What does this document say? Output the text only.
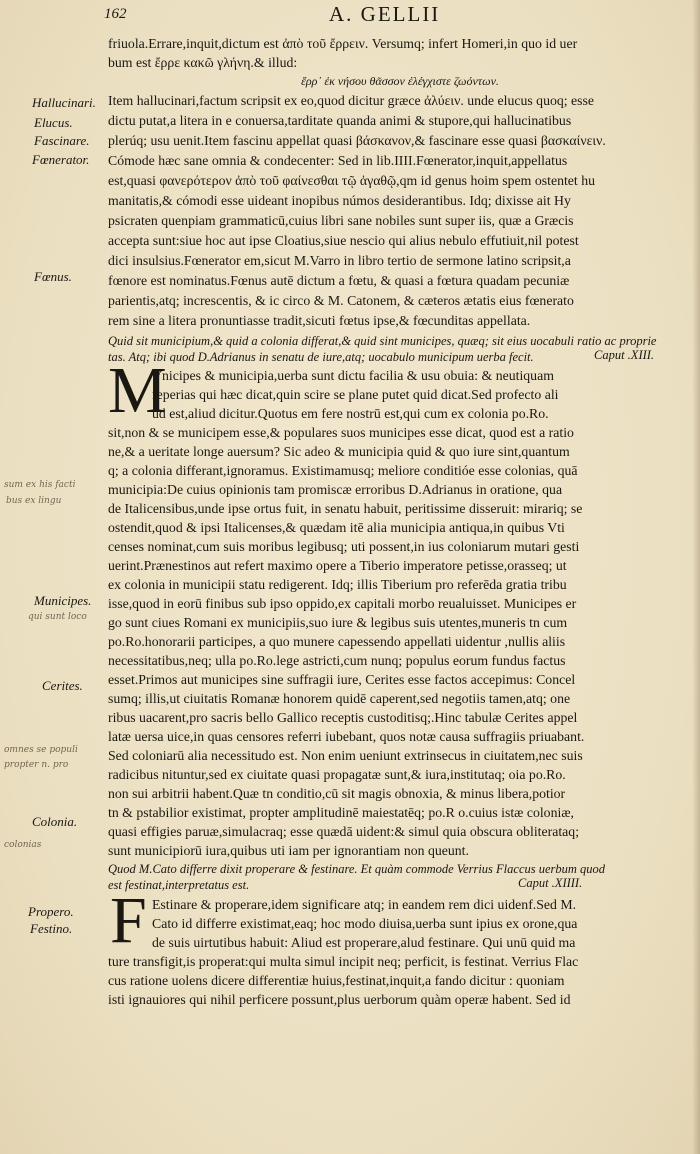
162	A. GELLII
Hallucinari.
Elucus.
Fascinare.
Fœnerator.
Fœnus.
sum ex his facti
bus ex lingu
Municipes.
qui sunt loco
Cerites.
omnes se populi
propter n. pro
Colonia.
colonias
Propero.
Festino.
friuola.Errare,inquit,dictum est ἀπὸ τοῦ ἔρρειν. Versumq; infert Homeri,in quo id uer
bum est ἔρρε κακῶ γλήνη.& illud:
ἔρρ᾽ ἐκ νήσου θᾶσσον ἐλέγχιστε ζωόντων.
Item hallucinari,factum scripsit ex eo,quod dicitur græce ἀλύειν. unde elucus quoq; esse
dictu putat,a litera in e conuersa,tarditate quanda animi & stupore,qui hallucinatibus
plerúq; usu uenit.Item fascinu appellat quasi βάσκανον,& fascinare esse quasi βασκαίνειν.
Cómode hæc sane omnia & condecenter: Sed in lib.IIII.Fœnerator,inquit,appellatus
est,quasi φανερότερον ἀπὸ τοῦ φαίνεσθαι τῷ ἀγαθῷ,qm id genus hoim spem ostentet hu
manitatis,& cómodi esse uideant inopibus númos desiderantibus. Idq; dixisse ait Hy
psicraten quenpiam grammaticū,cuius libri sane nobiles sunt super iis, quæ a Græcis
accepta sunt:siue hoc aut ipse Cloatius,siue nescio qui alius nebulo effutiuit,nil potest
dici insulsius.Fœnerator em,sicut M.Varro in libro tertio de sermone latino scripsit,a
fœnore est nominatus.Fœnus autē dictum a fœtu, & quasi a fœtura quadam pecuniæ
parientis,atq; increscentis, & ic circo & M. Catonem, & cæteros ætatis eius fœnerato
rem sine a litera pronuntiasse tradit,sicuti fœtus ipse,& fœcunditas appellata.
Quid sit municipium,& quid a colonia differat,& quid sint municipes, quæq; sit eius uocabuli ratio ac proprie
tas. Atq; ibi quod D.Adrianus in senatu de iure,atq; uocabulo municipum uerba fecit.	Caput .XIII.
M
Vnicipes & municipia,uerba sunt dictu facilia & usu obuia: & neutiquam
reperias qui hæc dicat,quin scire se plane putet quid dicat.Sed profecto ali
ud est,aliud dicitur.Quotus em fere nostrū est,qui cum ex colonia po.Ro.
sit,non & se municipem esse,& populares suos municipes esse dicat, quod est a ratio
ne,& a ueritate longe auersum? Sic adeo & municipia quid & quo iure sint,quantum
q; a colonia differant,ignoramus. Existimamusq; meliore conditióe esse colonias, quā
municipia:De cuius opinionis tam promiscæ erroribus D.Adrianus in oratione, qua
de Italicensibus,unde ipse ortus fuit, in senatu habuit, peritissime disseruit: mirariq; se
ostendit,quod & ipsi Italicenses,& quædam itē alia municipia antiqua,in quibus Vti
censes nominat,cum suis moribus legibusq; uti possent,in ius coloniarum mutari gesti
uerint.Prænestinos aut refert maximo opere a Tiberio imperatore petisse,orasseq; ut
ex colonia in municipii statu redigerent. Idq; illis Tiberium pro referēda gratia tribu
isse,quod in eorū finibus sub ipso oppido,ex capitali morbo reualuisset. Municipes er
go sunt ciues Romani ex municipiis,suo iure & legibus suis utentes,muneris tn cum
po.Ro.honorarii participes, a quo munere capessendo appellati uidentur ,nullis aliis
necessitatibus,neq; ulla po.Ro.lege astricti,cum nunq; populus eorum fundus factus
esset.Primos aut municipes sine suffragii iure, Cerites esse factos accepimus: Concel
sumq; illis,ut ciuitatis Romanæ honorem quidē caperent,sed negotiis tamen,atq; one
ribus uacarent,pro sacris bello Gallico receptis custoditisq;.Hinc tabulæ Cerites appel
latæ uersa uice,in quas censores referri iubebant, quos notæ causa suffragiis priuabant.
Sed coloniarū alia necessitudo est. Non enim ueniunt extrinsecus in ciuitatem,nec suis
radicibus nituntur,sed ex ciuitate quasi propagatæ sunt,& iura,institutaq; oia po.Ro.
non sui arbitrii habent.Quæ tn conditio,cū sit magis obnoxia, & minus libera,potior
tn & pstabilior existimat, propter amplitudinē maiestatēq; po.R o.cuius istæ coloniæ,
quasi effigies paruæ,simulacraq; esse quædā uident:& simul quia obscura obliterataq;
sunt municipiorū iura,quibus uti iam per ignorantiam non queunt.
Quod M.Cato differre dixit properare & festinare. Et quàm commode Verrius Flaccus uerbum quod
est festinat,interpretatus est.	Caput .XIIII.
F Estinare & properare,idem significare atq; in eandem rem dici uidenf.Sed M.
Cato id differre existimat,eaq; hoc modo diuisa,uerba sunt ipius ex orone,qua
de suis uirtutibus habuit: Aliud est properare,alud festinare. Qui unū quid ma
ture transfigit,is properat:qui multa simul incipit neq; perficit, is festinat. Verrius Flac
cus ratione uolens dicere differentiæ huius,festinat,inquit,a fando dicitur : quoniam
isti ignauiores qui nihil perficere possunt,plus uerborum quàm operæ habent. Sed id
